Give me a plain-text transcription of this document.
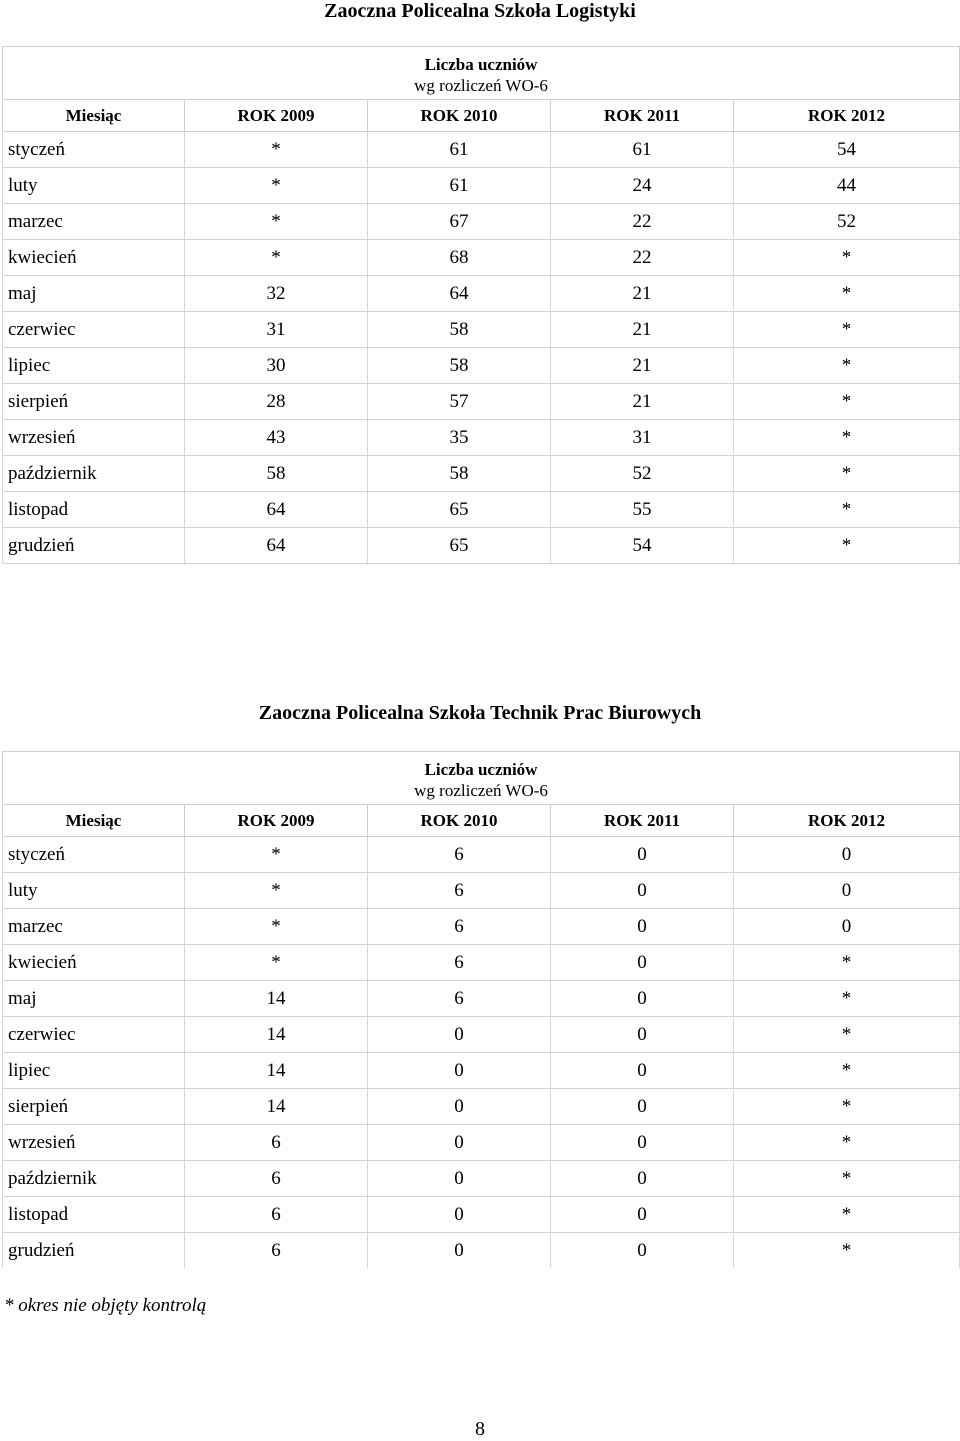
Zaoczna Policealna Szkoła Logistyki
Liczba uczniów
wg rozliczeń WO-6				

Miesiąc	ROK 2009	ROK 2010	ROK 2011	ROK 2012
styczeń	*	61	61	54
luty	*	61	24	44
marzec	*	67	22	52
kwiecień	*	68	22	*
maj	32	64	21	*
czerwiec	31	58	21	*
lipiec	30	58	21	*
sierpień	28	57	21	*
wrzesień	43	35	31	*
październik	58	58	52	*
listopad	64	65	55	*
grudzień	64	65	54	*
Zaoczna Policealna Szkoła Technik Prac Biurowych
Liczba uczniów
wg rozliczeń WO-6				

Miesiąc	ROK 2009	ROK 2010	ROK 2011	ROK 2012
styczeń	*	6	0	0
luty	*	6	0	0
marzec	*	6	0	0
kwiecień	*	6	0	*
maj	14	6	0	*
czerwiec	14	0	0	*
lipiec	14	0	0	*
sierpień	14	0	0	*
wrzesień	6	0	0	*
październik	6	0	0	*
listopad	6	0	0	*
grudzień	6	0	0	*
* okres nie objęty kontrolą
8
